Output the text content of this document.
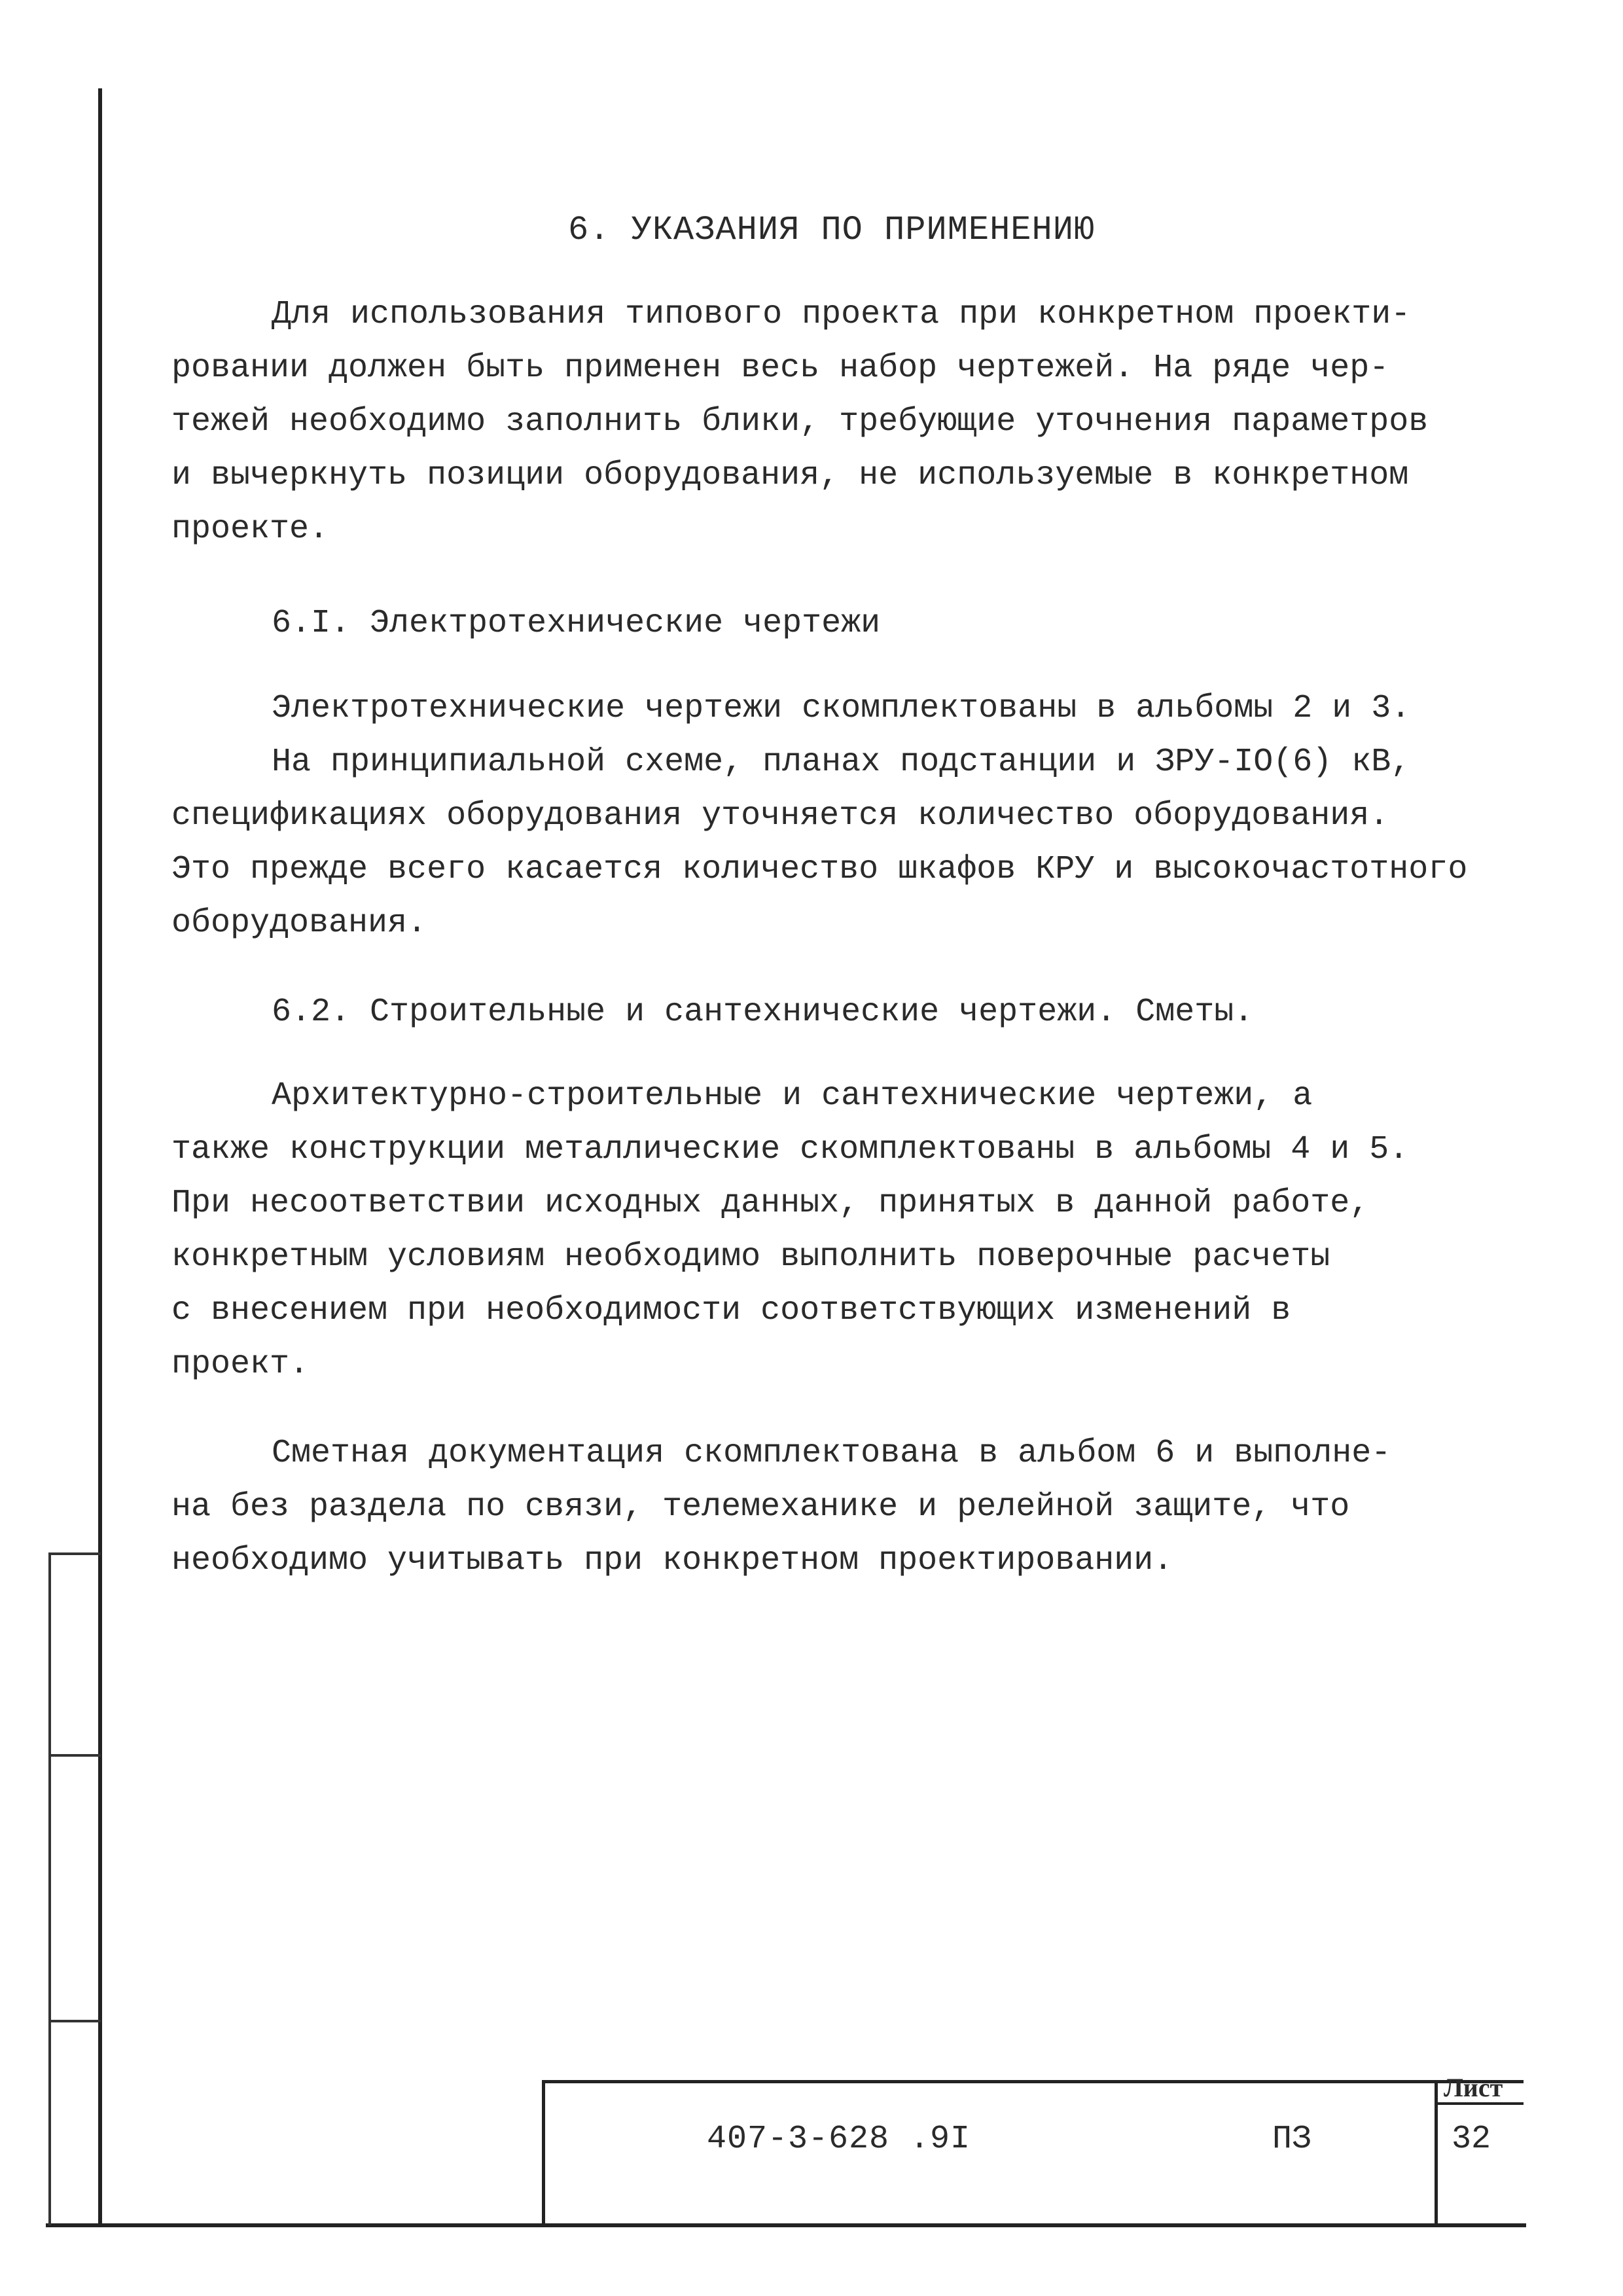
6. УКАЗАНИЯ ПО ПРИМЕНЕНИЮ
Для использования типового проекта при конкретном проекти-
ровании должен быть применен весь набор чертежей. На ряде чер-
тежей необходимо заполнить блики, требующие уточнения параметров
и вычеркнуть позиции оборудования, не используемые в конкретном
проекте.
6.I. Электротехнические чертежи
Электротехнические чертежи скомплектованы в альбомы 2 и 3.
На принципиальной схеме, планах подстанции и ЗРУ-IO(6) кВ,
спецификациях оборудования уточняется количество оборудования.
Это прежде всего касается количество шкафов КРУ и высокочастотного
оборудования.
6.2. Строительные и сантехнические чертежи. Сметы.
Архитектурно-строительные и сантехнические чертежи, а
также конструкции металлические скомплектованы в альбомы 4 и 5.
При несоответствии исходных данных, принятых в данной работе,
конкретным условиям необходимо выполнить поверочные расчеты
с внесением при необходимости соответствующих изменений в
проект.
Сметная документация скомплектована в альбом 6 и выполне-
на без раздела по связи, телемеханике и релейной защите, что
необходимо учитывать при конкретном проектировании.
407-3-628 .9I	ПЗ
Лист
32
